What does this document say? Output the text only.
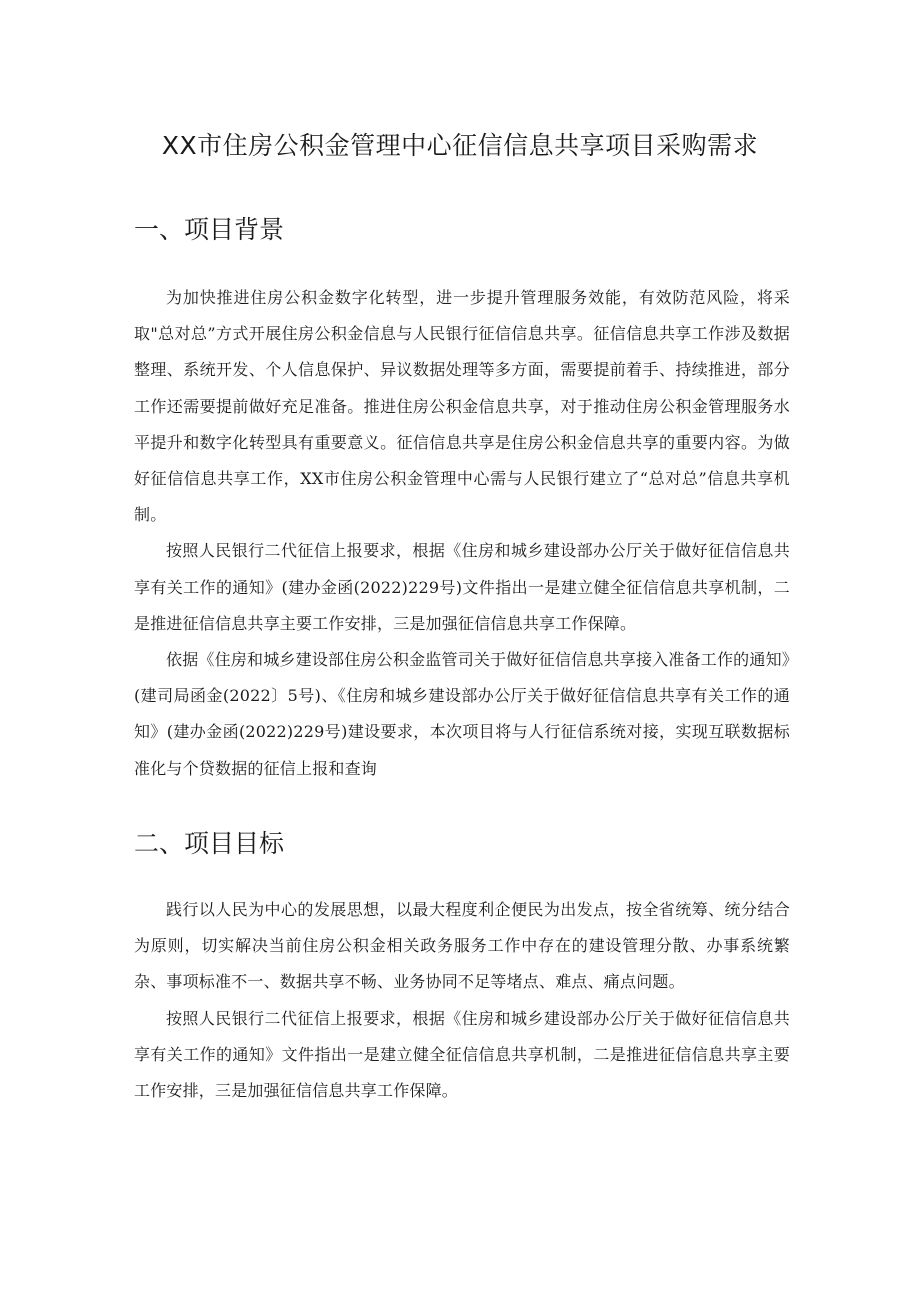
XX市住房公积金管理中心征信信息共享项目采购需求
一、项目背景

为加快推进住房公积金数字化转型，进一步提升管理服务效能，有效防范风险，将采取"总对总”方式开展住房公积金信息与人民银行征信信息共享。征信信息共享工作涉及数据整理、系统开发、个人信息保护、异议数据处理等多方面，需要提前着手、持续推进，部分工作还需要提前做好充足准备。推进住房公积金信息共享，对于推动住房公积金管理服务水平提升和数字化转型具有重要意义。征信信息共享是住房公积金信息共享的重要内容。为做好征信信息共享工作，XX市住房公积金管理中心需与人民银行建立了“总对总”信息共享机制。

按照人民银行二代征信上报要求，根据《住房和城乡建设部办公厅关于做好征信信息共享有关工作的通知》(建办金函(2022)229号)文件指出一是建立健全征信信息共享机制，二是推进征信信息共享主要工作安排，三是加强征信信息共享工作保障。

依据《住房和城乡建设部住房公积金监管司关于做好征信信息共享接入准备工作的通知》(建司局函金(2022〕5号)、《住房和城乡建设部办公厅关于做好征信信息共享有关工作的通知》(建办金函(2022)229号)建设要求，本次项目将与人行征信系统对接，实现互联数据标准化与个贷数据的征信上报和查询

二、项目目标

践行以人民为中心的发展思想，以最大程度利企便民为出发点，按全省统筹、统分结合为原则，切实解决当前住房公积金相关政务服务工作中存在的建设管理分散、办事系统繁杂、事项标准不一、数据共享不畅、业务协同不足等堵点、难点、痛点问题。

按照人民银行二代征信上报要求，根据《住房和城乡建设部办公厅关于做好征信信息共享有关工作的通知》文件指出一是建立健全征信信息共享机制，二是推进征信信息共享主要工作安排，三是加强征信信息共享工作保障。
